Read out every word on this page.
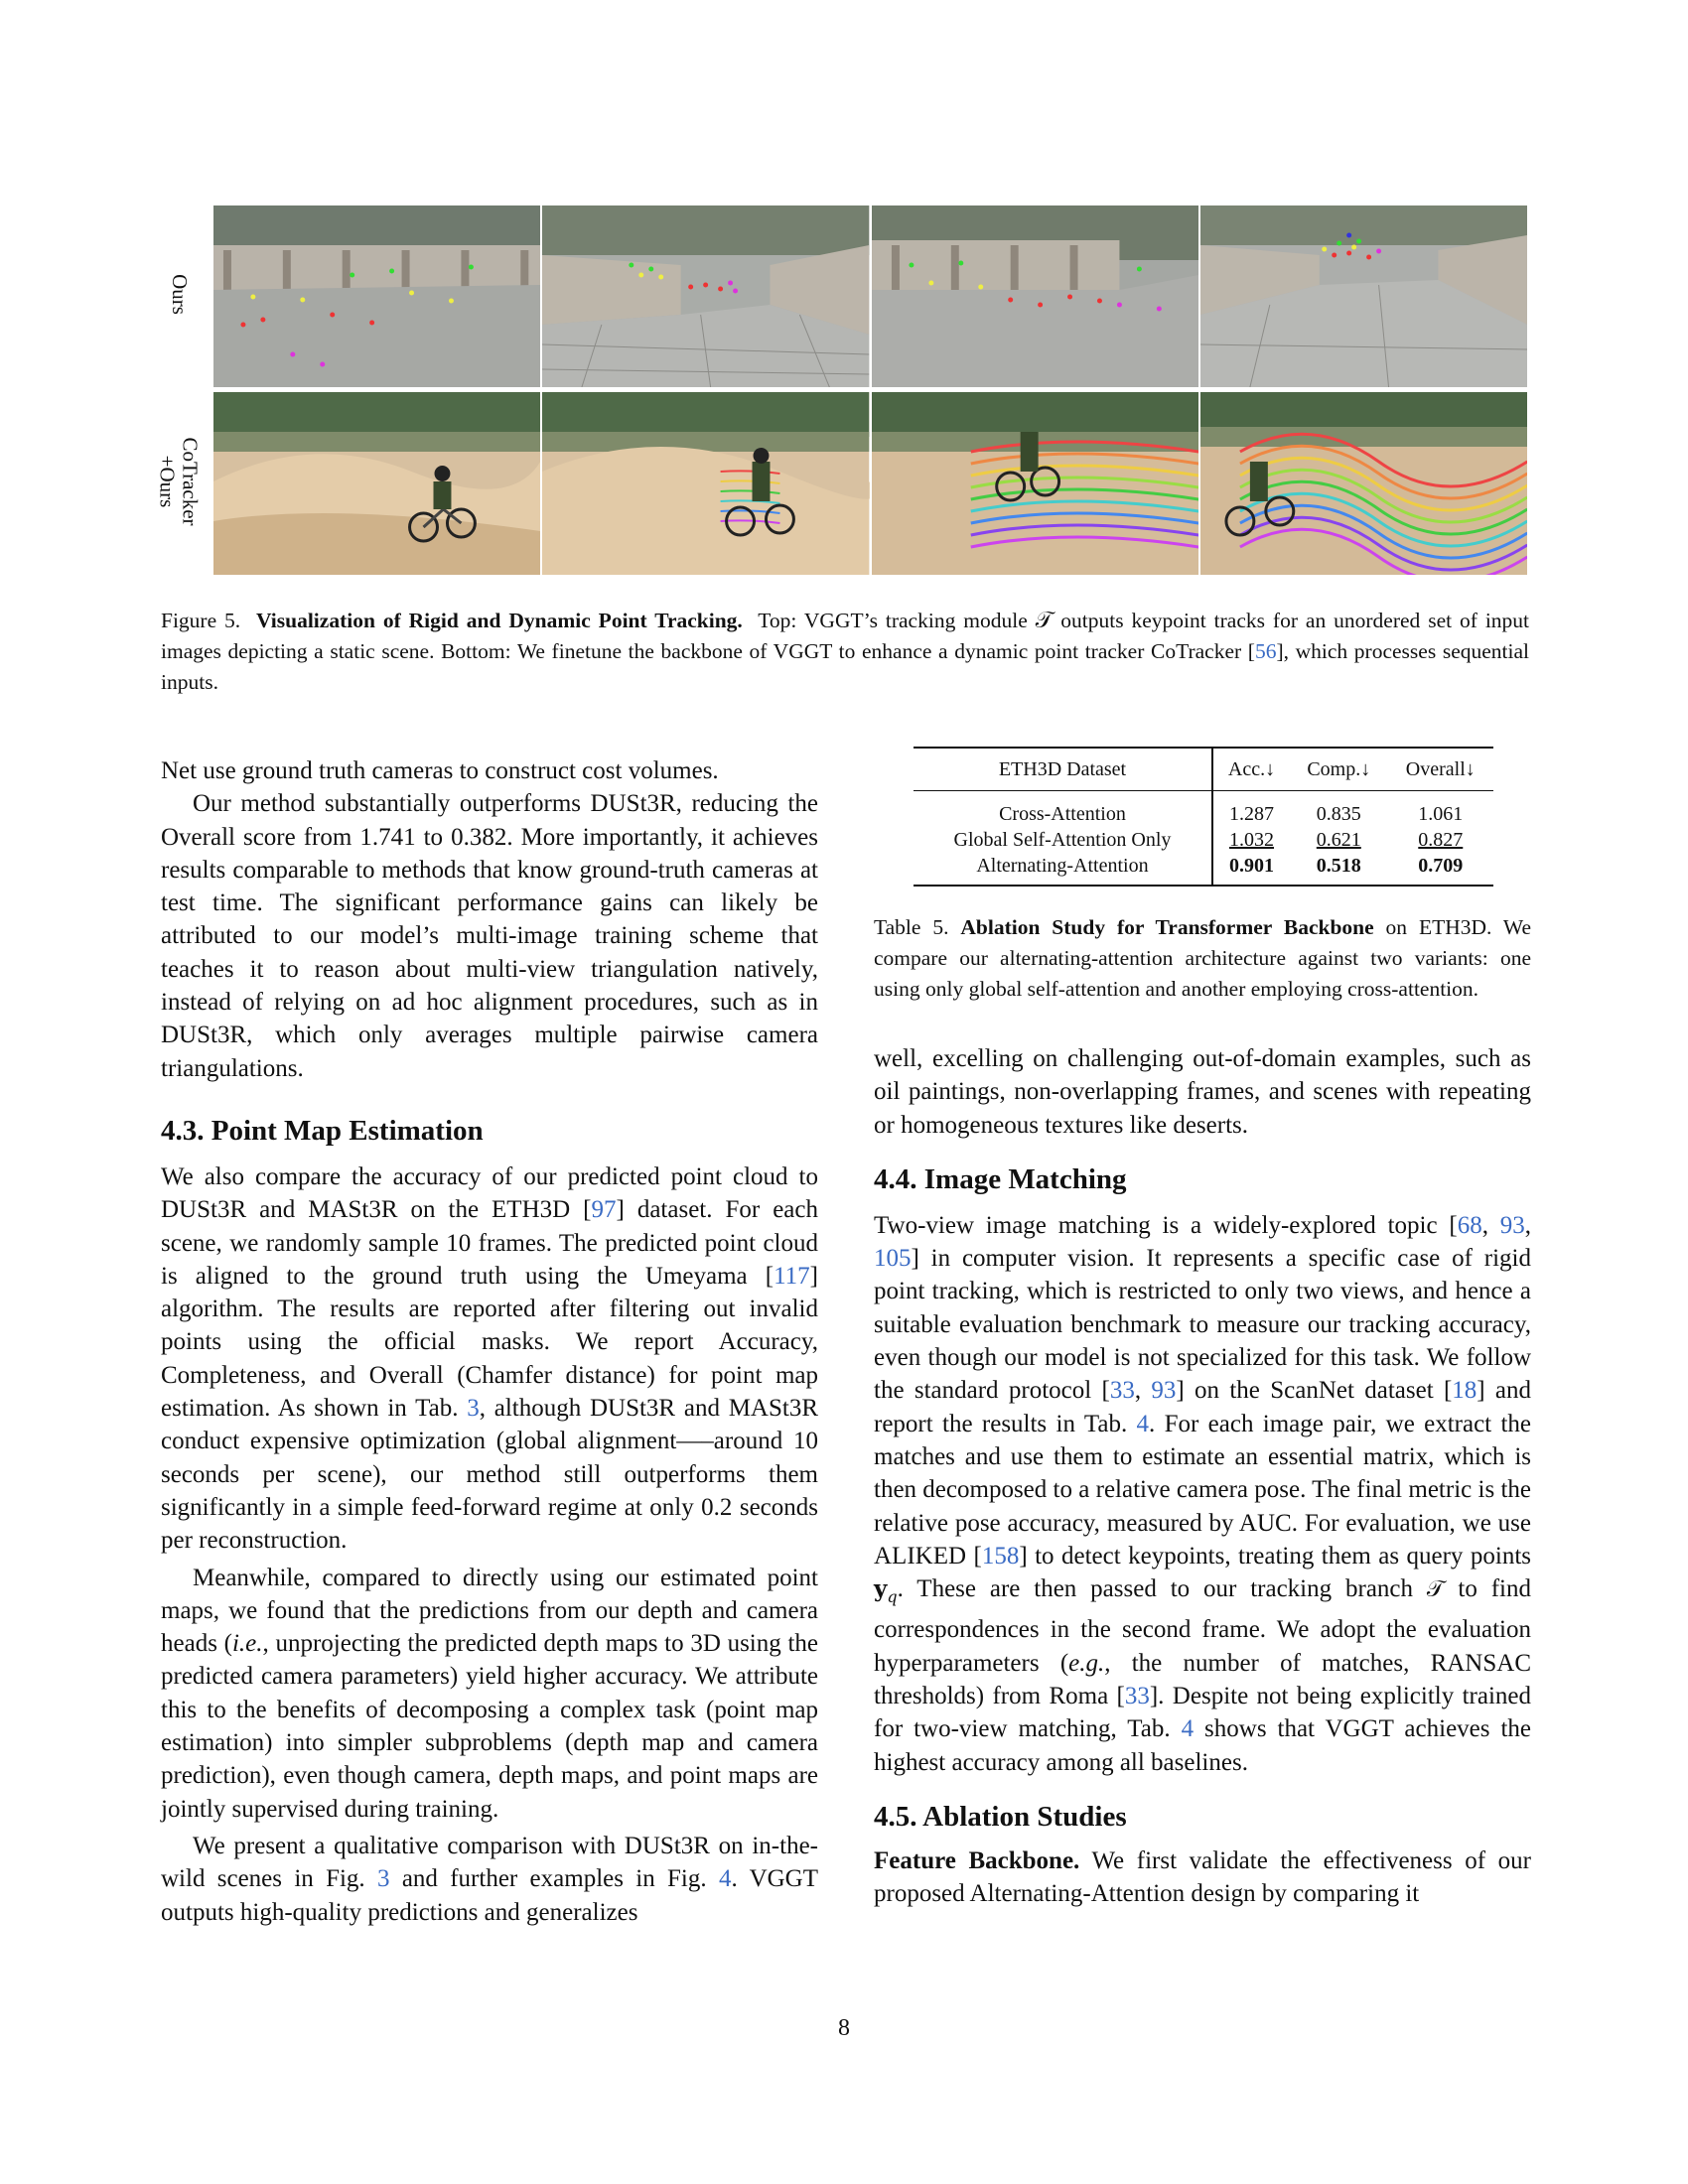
Ours
CoTracker
+Ours
Figure 5. Visualization of Rigid and Dynamic Point Tracking. Top: VGGT’s tracking module 𝒯 outputs keypoint tracks for an unordered set of input images depicting a static scene. Bottom: We finetune the backbone of VGGT to enhance a dynamic point tracker CoTracker [56], which processes sequential inputs.

Net use ground truth cameras to construct cost volumes.

Our method substantially outperforms DUSt3R, reducing the Overall score from 1.741 to 0.382. More importantly, it achieves results comparable to methods that know ground-truth cameras at test time. The significant performance gains can likely be attributed to our model’s multi-image training scheme that teaches it to reason about multi-view triangulation natively, instead of relying on ad hoc alignment procedures, such as in DUSt3R, which only averages multiple pairwise camera triangulations.

4.3. Point Map Estimation

We also compare the accuracy of our predicted point cloud to DUSt3R and MASt3R on the ETH3D [97] dataset. For each scene, we randomly sample 10 frames. The predicted point cloud is aligned to the ground truth using the Umeyama [117] algorithm. The results are reported after filtering out invalid points using the official masks. We report Accuracy, Completeness, and Overall (Chamfer distance) for point map estimation. As shown in Tab. 3, although DUSt3R and MASt3R conduct expensive optimization (global alignment—–around 10 seconds per scene), our method still outperforms them significantly in a simple feed-forward regime at only 0.2 seconds per reconstruction.

Meanwhile, compared to directly using our estimated point maps, we found that the predictions from our depth and camera heads (i.e., unprojecting the predicted depth maps to 3D using the predicted camera parameters) yield higher accuracy. We attribute this to the benefits of decomposing a complex task (point map estimation) into simpler subproblems (depth map and camera prediction), even though camera, depth maps, and point maps are jointly supervised during training.

We present a qualitative comparison with DUSt3R on in-the-wild scenes in Fig. 3 and further examples in Fig. 4. VGGT outputs high-quality predictions and generalizes

ETH3D Dataset	Acc.↓	Comp.↓	Overall↓
Cross-Attention	1.287	0.835	1.061
Global Self-Attention Only	1.032	0.621	0.827
Alternating-Attention	0.901	0.518	0.709
Table 5. Ablation Study for Transformer Backbone on ETH3D. We compare our alternating-attention architecture against two variants: one using only global self-attention and another employing cross-attention.

well, excelling on challenging out-of-domain examples, such as oil paintings, non-overlapping frames, and scenes with repeating or homogeneous textures like deserts.

4.4. Image Matching

Two-view image matching is a widely-explored topic [68, 93, 105] in computer vision. It represents a specific case of rigid point tracking, which is restricted to only two views, and hence a suitable evaluation benchmark to measure our tracking accuracy, even though our model is not specialized for this task. We follow the standard protocol [33, 93] on the ScanNet dataset [18] and report the results in Tab. 4. For each image pair, we extract the matches and use them to estimate an essential matrix, which is then decomposed to a relative camera pose. The final metric is the relative pose accuracy, measured by AUC. For evaluation, we use ALIKED [158] to detect keypoints, treating them as query points $y_q$. These are then passed to our tracking branch 𝒯 to find correspondences in the second frame. We adopt the evaluation hyperparameters (e.g., the number of matches, RANSAC thresholds) from Roma [33]. Despite not being explicitly trained for two-view matching, Tab. 4 shows that VGGT achieves the highest accuracy among all baselines.

4.5. Ablation Studies

Feature Backbone. We first validate the effectiveness of our proposed Alternating-Attention design by comparing it

8
